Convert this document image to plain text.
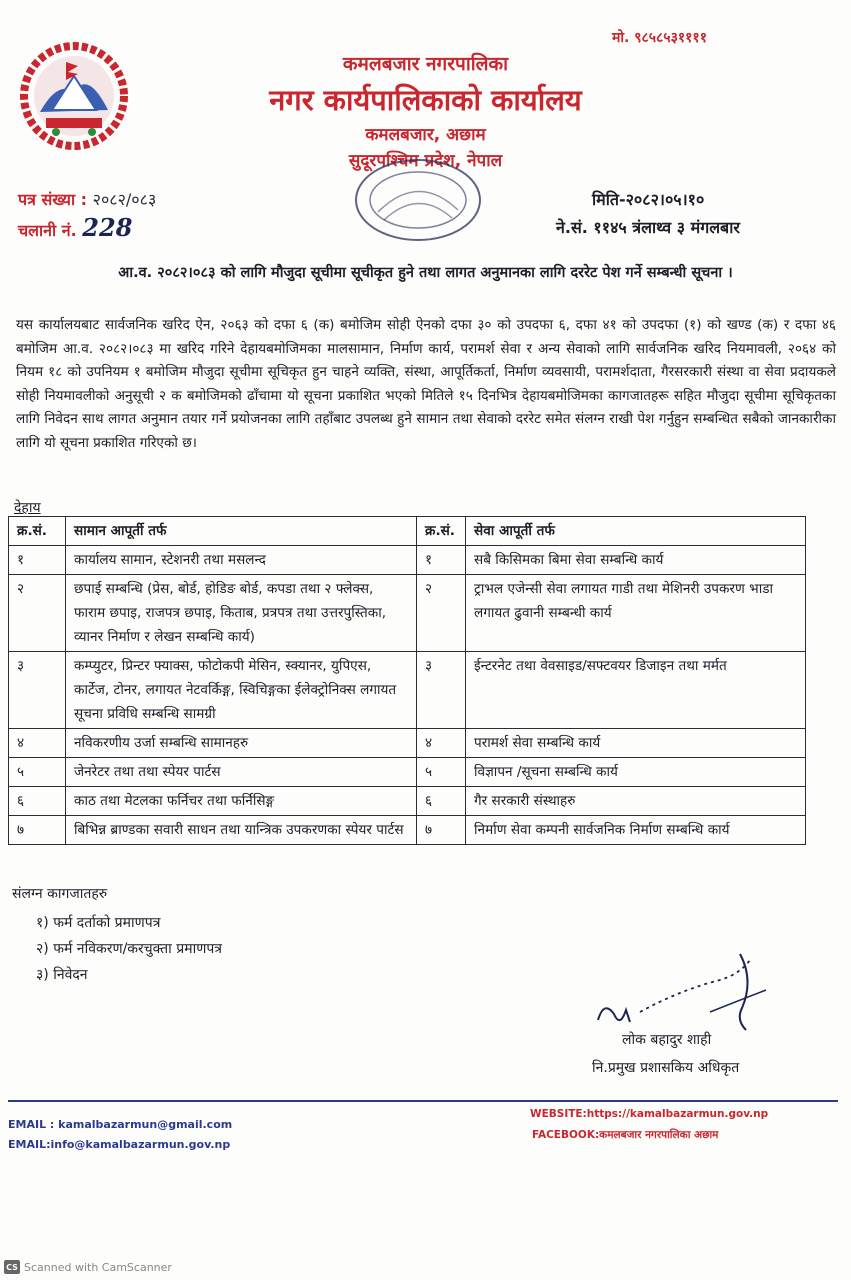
मो. ९८५८५३११११
कमलबजार नगरपालिका
नगर कार्यपालिकाको कार्यालय
कमलबजार, अछाम
सुदूरपश्चिम प्रदेश, नेपाल
पत्र संख्या : २०८२/०८३
चलानी नं. 228
मिति-२०८२।०५।१०
ने.सं. ११४५ त्रंलाथ्व ३ मंगलबार
आ.व. २०८२।०८३ को लागि मौजुदा सूचीमा सूचीकृत हुने तथा लागत अनुमानका लागि दररेट पेश गर्ने सम्बन्धी सूचना ।
यस कार्यालयबाट सार्वजनिक खरिद ऐन, २०६३ को दफा ६ (क) बमोजिम सोही ऐनको दफा ३० को उपदफा ६, दफा ४१ को उपदफा (१) को खण्ड (क) र दफा ४६ बमोजिम आ.व. २०८२।०८३ मा खरिद गरिने देहायबमोजिमका मालसामान, निर्माण कार्य, परामर्श सेवा र अन्य सेवाको लागि सार्वजनिक खरिद नियमावली, २०६४ को नियम १८ को उपनियम १ बमोजिम मौजुदा सूचीमा सूचिकृत हुन चाहने व्यक्ति, संस्था, आपूर्तिकर्ता, निर्माण व्यवसायी, परामर्शदाता, गैरसरकारी संस्था वा सेवा प्रदायकले सोही नियमावलीको अनुसूची २ क बमोजिमको ढाँचामा यो सूचना प्रकाशित भएको मितिले १५ दिनभित्र देहायबमोजिमका कागजातहरू सहित मौजुदा सूचीमा सूचिकृतका लागि निवेदन साथ लागत अनुमान तयार गर्ने प्रयोजनका लागि तहाँबाट उपलब्ध हुने सामान तथा सेवाको दररेट समेत संलग्न राखी पेश गर्नुहुन सम्बन्धित सबैको जानकारीका लागि यो सूचना प्रकाशित गरिएको छ।
देहाय
क्र.सं.	सामान आपूर्ती तर्फ	क्र.सं.	सेवा आपूर्ती तर्फ
१	कार्यालय सामान, स्टेशनरी तथा मसलन्द	१	सबै किसिमका बिमा सेवा सम्बन्धि कार्य
२	छपाई सम्बन्धि (प्रेस, बोर्ड, होडिङ बोर्ड, कपडा तथा २ फ्लेक्स, फाराम छपाइ, राजपत्र छपाइ, किताब, प्रत्रपत्र तथा उत्तरपुस्तिका, व्यानर निर्माण र लेखन सम्बन्धि कार्य)	२	ट्राभल एजेन्सी सेवा लगायत गाडी तथा मेशिनरी उपकरण भाडा लगायत ढुवानी सम्बन्धी कार्य
३	कम्प्युटर, प्रिन्टर फ्याक्स, फोटोकपी मेसिन, स्क्यानर, युपिएस, कार्टेज, टोनर, लगायत नेटवर्किङ्ग, स्विचिङ्गका ईलेक्ट्रोनिक्स लगायत सूचना प्रविधि सम्बन्धि सामग्री	३	ईन्टरनेट तथा वेवसाइड/सफ्टवयर डिजाइन तथा मर्मत
४	नविकरणीय उर्जा सम्बन्धि सामानहरु	४	परामर्श सेवा सम्बन्धि कार्य
५	जेनरेटर तथा तथा स्पेयर पार्टस	५	विज्ञापन /सूचना सम्बन्धि कार्य
६	काठ तथा मेटलका फर्निचर तथा फर्निसिङ्ग	६	गैर सरकारी संस्थाहरु
७	बिभिन्न ब्राण्डका सवारी साधन तथा यान्त्रिक उपकरणका स्पेयर पार्टस	७	निर्माण सेवा कम्पनी सार्वजनिक निर्माण सम्बन्धि कार्य
संलग्न कागजातहरु
१) फर्म दर्ताको प्रमाणपत्र
२) फर्म नविकरण/करचुक्ता प्रमाणपत्र
३) निवेदन
लोक बहादुर शाही
नि.प्रमुख प्रशासकिय अधिकृत
EMAIL : kamalbazarmun@gmail.com
EMAIL:info@kamalbazarmun.gov.np
WEBSITE:https://kamalbazarmun.gov.np
FACEBOOK:कमलबजार नगरपालिका अछाम
CS Scanned with CamScanner
